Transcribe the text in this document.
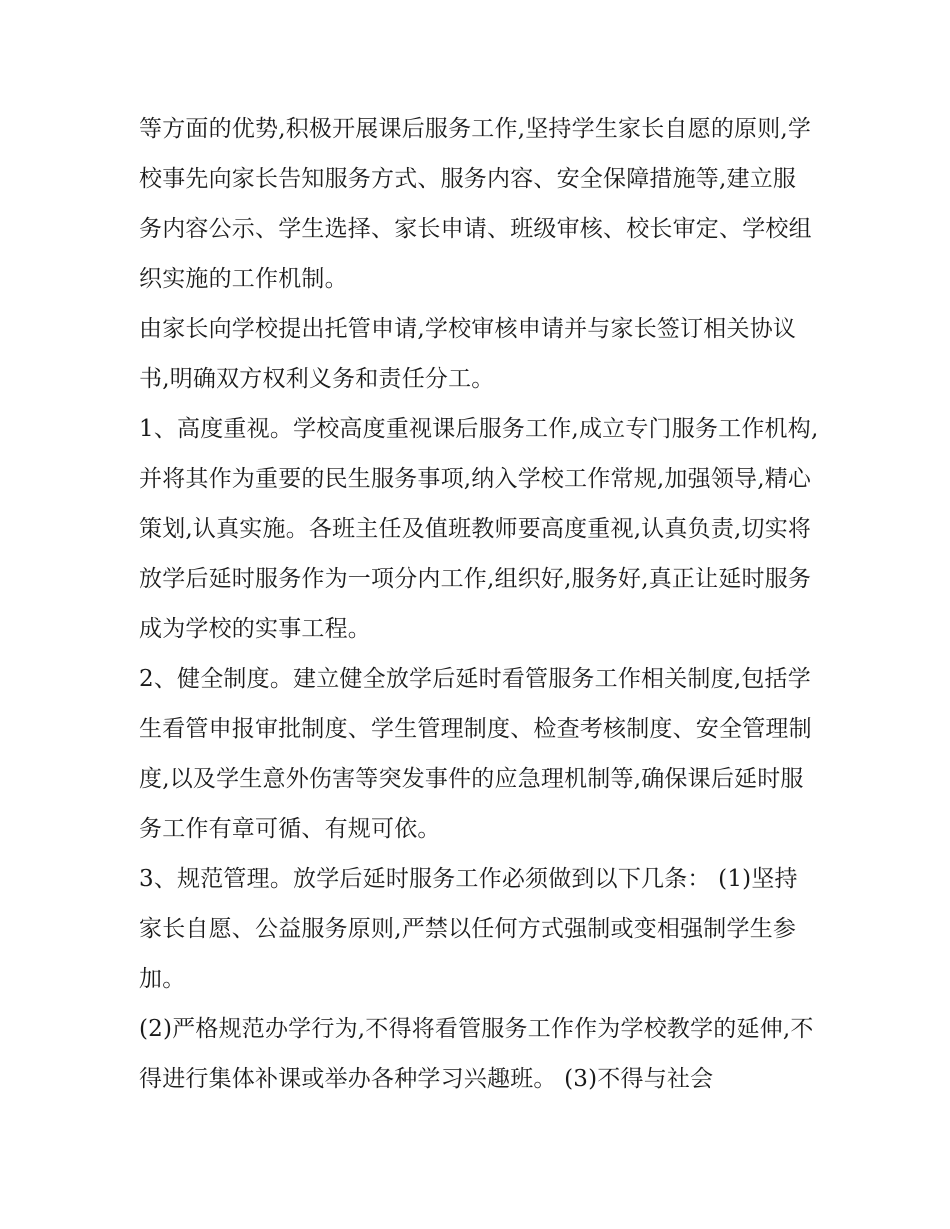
等方面的优势,积极开展课后服务工作,坚持学生家长自愿的原则,学校事先向家长告知服务方式、服务内容、安全保障措施等,建立服务内容公示、学生选择、家长申请、班级审核、校长审定、学校组织实施的工作机制。

由家长向学校提出托管申请,学校审核申请并与家长签订相关协议书,明确双方权利义务和责任分工。

1、高度重视。学校高度重视课后服务工作,成立专门服务工作机构,并将其作为重要的民生服务事项,纳入学校工作常规,加强领导,精心策划,认真实施。各班主任及值班教师要高度重视,认真负责,切实将放学后延时服务作为一项分内工作,组织好,服务好,真正让延时服务成为学校的实事工程。

2、健全制度。建立健全放学后延时看管服务工作相关制度,包括学生看管申报审批制度、学生管理制度、检查考核制度、安全管理制度,以及学生意外伤害等突发事件的应急理机制等,确保课后延时服务工作有章可循、有规可依。

3、规范管理。放学后延时服务工作必须做到以下几条： (1)坚持家长自愿、公益服务原则,严禁以任何方式强制或变相强制学生参加。

(2)严格规范办学行为,不得将看管服务工作作为学校教学的延伸,不得进行集体补课或举办各种学习兴趣班。 (3)不得与社会
